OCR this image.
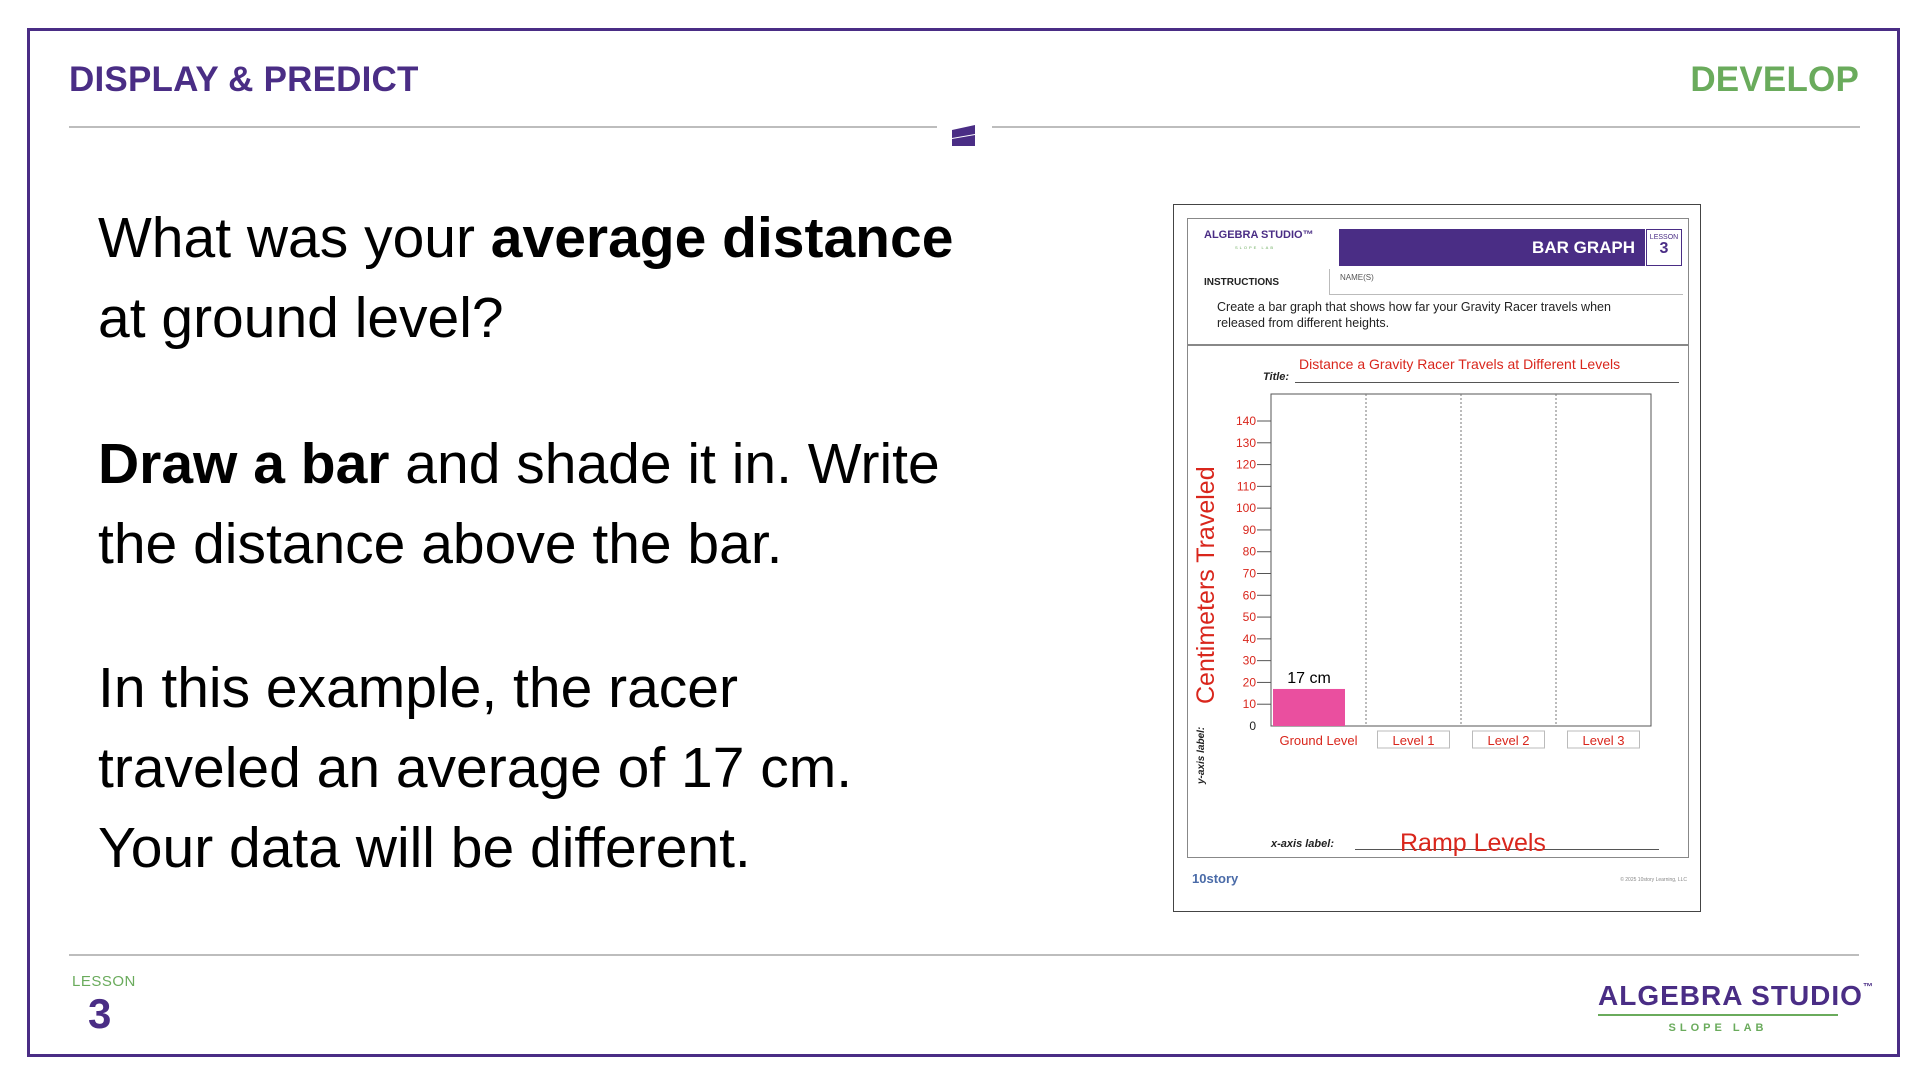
DISPLAY & PREDICT	DEVELOP
What was your average distance
at ground level?
Draw a bar and shade it in. Write
the distance above the bar.
In this example, the racer
traveled an average of 17 cm.
Your data will be different.
ALGEBRA STUDIO™
SLOPE LAB	BAR GRAPH
LESSON
3
INSTRUCTIONS	NAME(S)
Create a bar graph that shows how far your Gravity Racer travels when released from different heights.
Title:
Distance a Gravity Racer Travels at Different Levels
0
10
20
30
40
50
60
70
80
90
100
110
120
130
140
17 cm
Ground Level	Level 1	Level 2	Level 3
y-axis label:
Centimeters Traveled
x-axis label:	Ramp Levels
10story	© 2025 10story Learning, LLC
LESSON
3	ALGEBRA STUDIO™
SLOPE LAB
